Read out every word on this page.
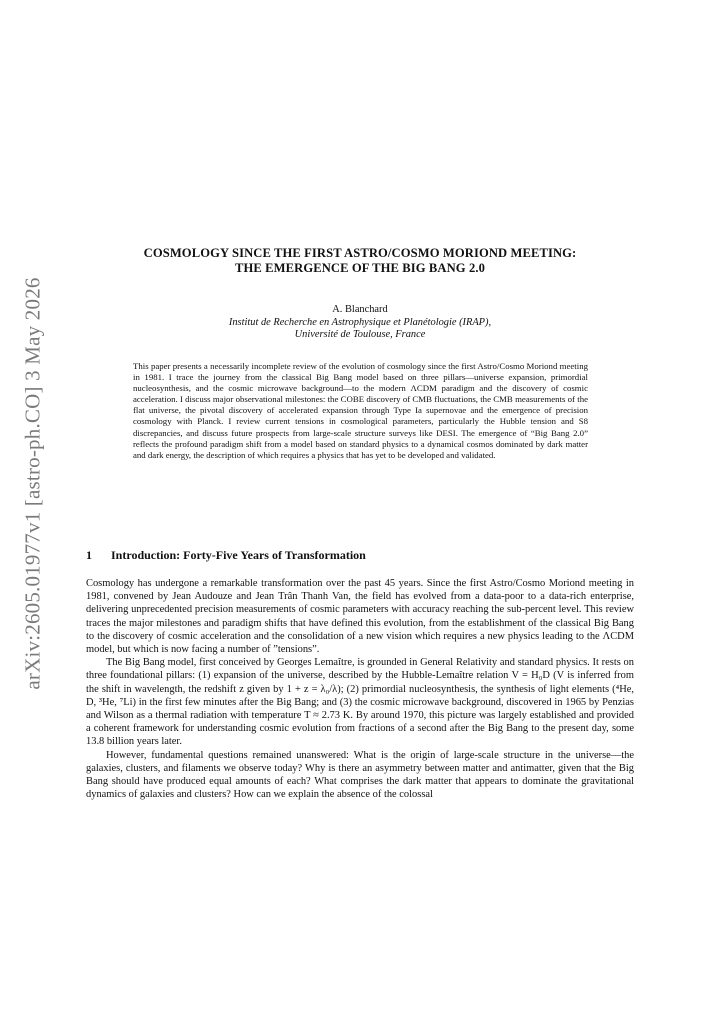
arXiv:2605.01977v1 [astro-ph.CO] 3 May 2026
COSMOLOGY SINCE THE FIRST ASTRO/COSMO MORIOND MEETING:
THE EMERGENCE OF THE BIG BANG 2.0
A. Blanchard
Institut de Recherche en Astrophysique et Planétologie (IRAP),
Université de Toulouse, France
This paper presents a necessarily incomplete review of the evolution of cosmology since the first Astro/Cosmo Moriond meeting in 1981. I trace the journey from the classical Big Bang model based on three pillars—universe expansion, primordial nucleosynthesis, and the cosmic microwave background—to the modern ΛCDM paradigm and the discovery of cosmic acceleration. I discuss major observational milestones: the COBE discovery of CMB fluctuations, the CMB measurements of the flat universe, the pivotal discovery of accelerated expansion through Type Ia supernovae and the emergence of precision cosmology with Planck. I review current tensions in cosmological parameters, particularly the Hubble tension and S8 discrepancies, and discuss future prospects from large-scale structure surveys like DESI. The emergence of “Big Bang 2.0” reflects the profound paradigm shift from a model based on standard physics to a dynamical cosmos dominated by dark matter and dark energy, the description of which requires a physics that has yet to be developed and validated.
1 Introduction: Forty-Five Years of Transformation

Cosmology has undergone a remarkable transformation over the past 45 years. Since the first Astro/Cosmo Moriond meeting in 1981, convened by Jean Audouze and Jean Trân Thanh Van, the field has evolved from a data-poor to a data-rich enterprise, delivering unprecedented precision measurements of cosmic parameters with accuracy reaching the sub-percent level. This review traces the major milestones and paradigm shifts that have defined this evolution, from the establishment of the classical Big Bang to the discovery of cosmic acceleration and the consolidation of a new vision which requires a new physics leading to the ΛCDM model, but which is now facing a number of ”tensions”.

The Big Bang model, first conceived by Georges Lemaître, is grounded in General Relativity and standard physics. It rests on three foundational pillars: (1) expansion of the universe, described by the Hubble-Lemaître relation V = H₀D (V is inferred from the shift in wavelength, the redshift z given by 1 + z = λ₀/λ); (2) primordial nucleosynthesis, the synthesis of light elements (⁴He, D, ³He, ⁷Li) in the first few minutes after the Big Bang; and (3) the cosmic microwave background, discovered in 1965 by Penzias and Wilson as a thermal radiation with temperature T ≈ 2.73 K. By around 1970, this picture was largely established and provided a coherent framework for understanding cosmic evolution from fractions of a second after the Big Bang to the present day, some 13.8 billion years later.

However, fundamental questions remained unanswered: What is the origin of large-scale structure in the universe—the galaxies, clusters, and filaments we observe today? Why is there an asymmetry between matter and antimatter, given that the Big Bang should have produced equal amounts of each? What comprises the dark matter that appears to dominate the gravitational dynamics of galaxies and clusters? How can we explain the absence of the colossal
